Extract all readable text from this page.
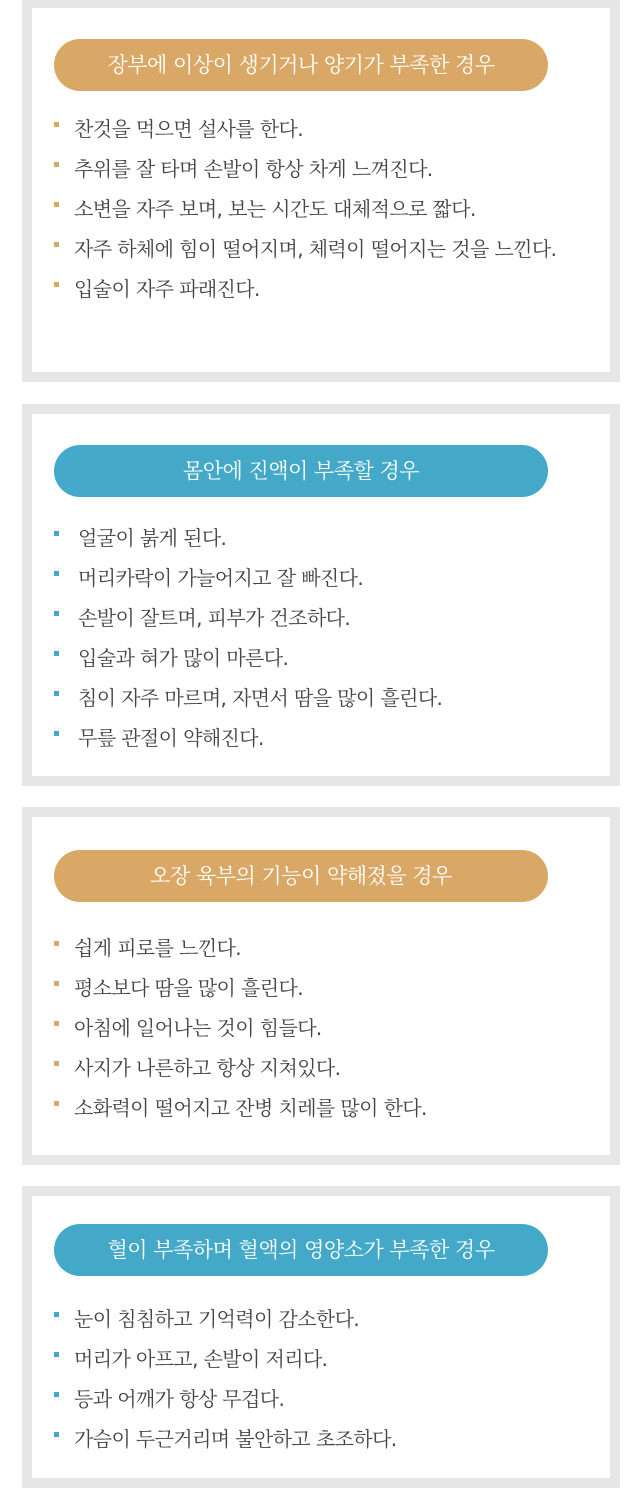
장부에 이상이 생기거나 양기가 부족한 경우
찬것을 먹으면 설사를 한다.
추위를 잘 타며 손발이 항상 차게 느껴진다.
소변을 자주 보며, 보는 시간도 대체적으로 짧다.
자주 하체에 힘이 떨어지며, 체력이 떨어지는 것을 느낀다.
입술이 자주 파래진다.
몸안에 진액이 부족할 경우
얼굴이 붉게 된다.
머리카락이 가늘어지고 잘 빠진다.
손발이 잘트며, 피부가 건조하다.
입술과 혀가 많이 마른다.
침이 자주 마르며, 자면서 땀을 많이 흘린다.
무릎 관절이 약해진다.
오장 육부의 기능이 약해졌을 경우
쉽게 피로를 느낀다.
평소보다 땀을 많이 흘린다.
아침에 일어나는 것이 힘들다.
사지가 나른하고 항상 지쳐있다.
소화력이 떨어지고 잔병 치레를 많이 한다.
혈이 부족하며 혈액의 영양소가 부족한 경우
눈이 침침하고 기억력이 감소한다.
머리가 아프고, 손발이 저리다.
등과 어깨가 항상 무겁다.
가슴이 두근거리며 불안하고 초조하다.
